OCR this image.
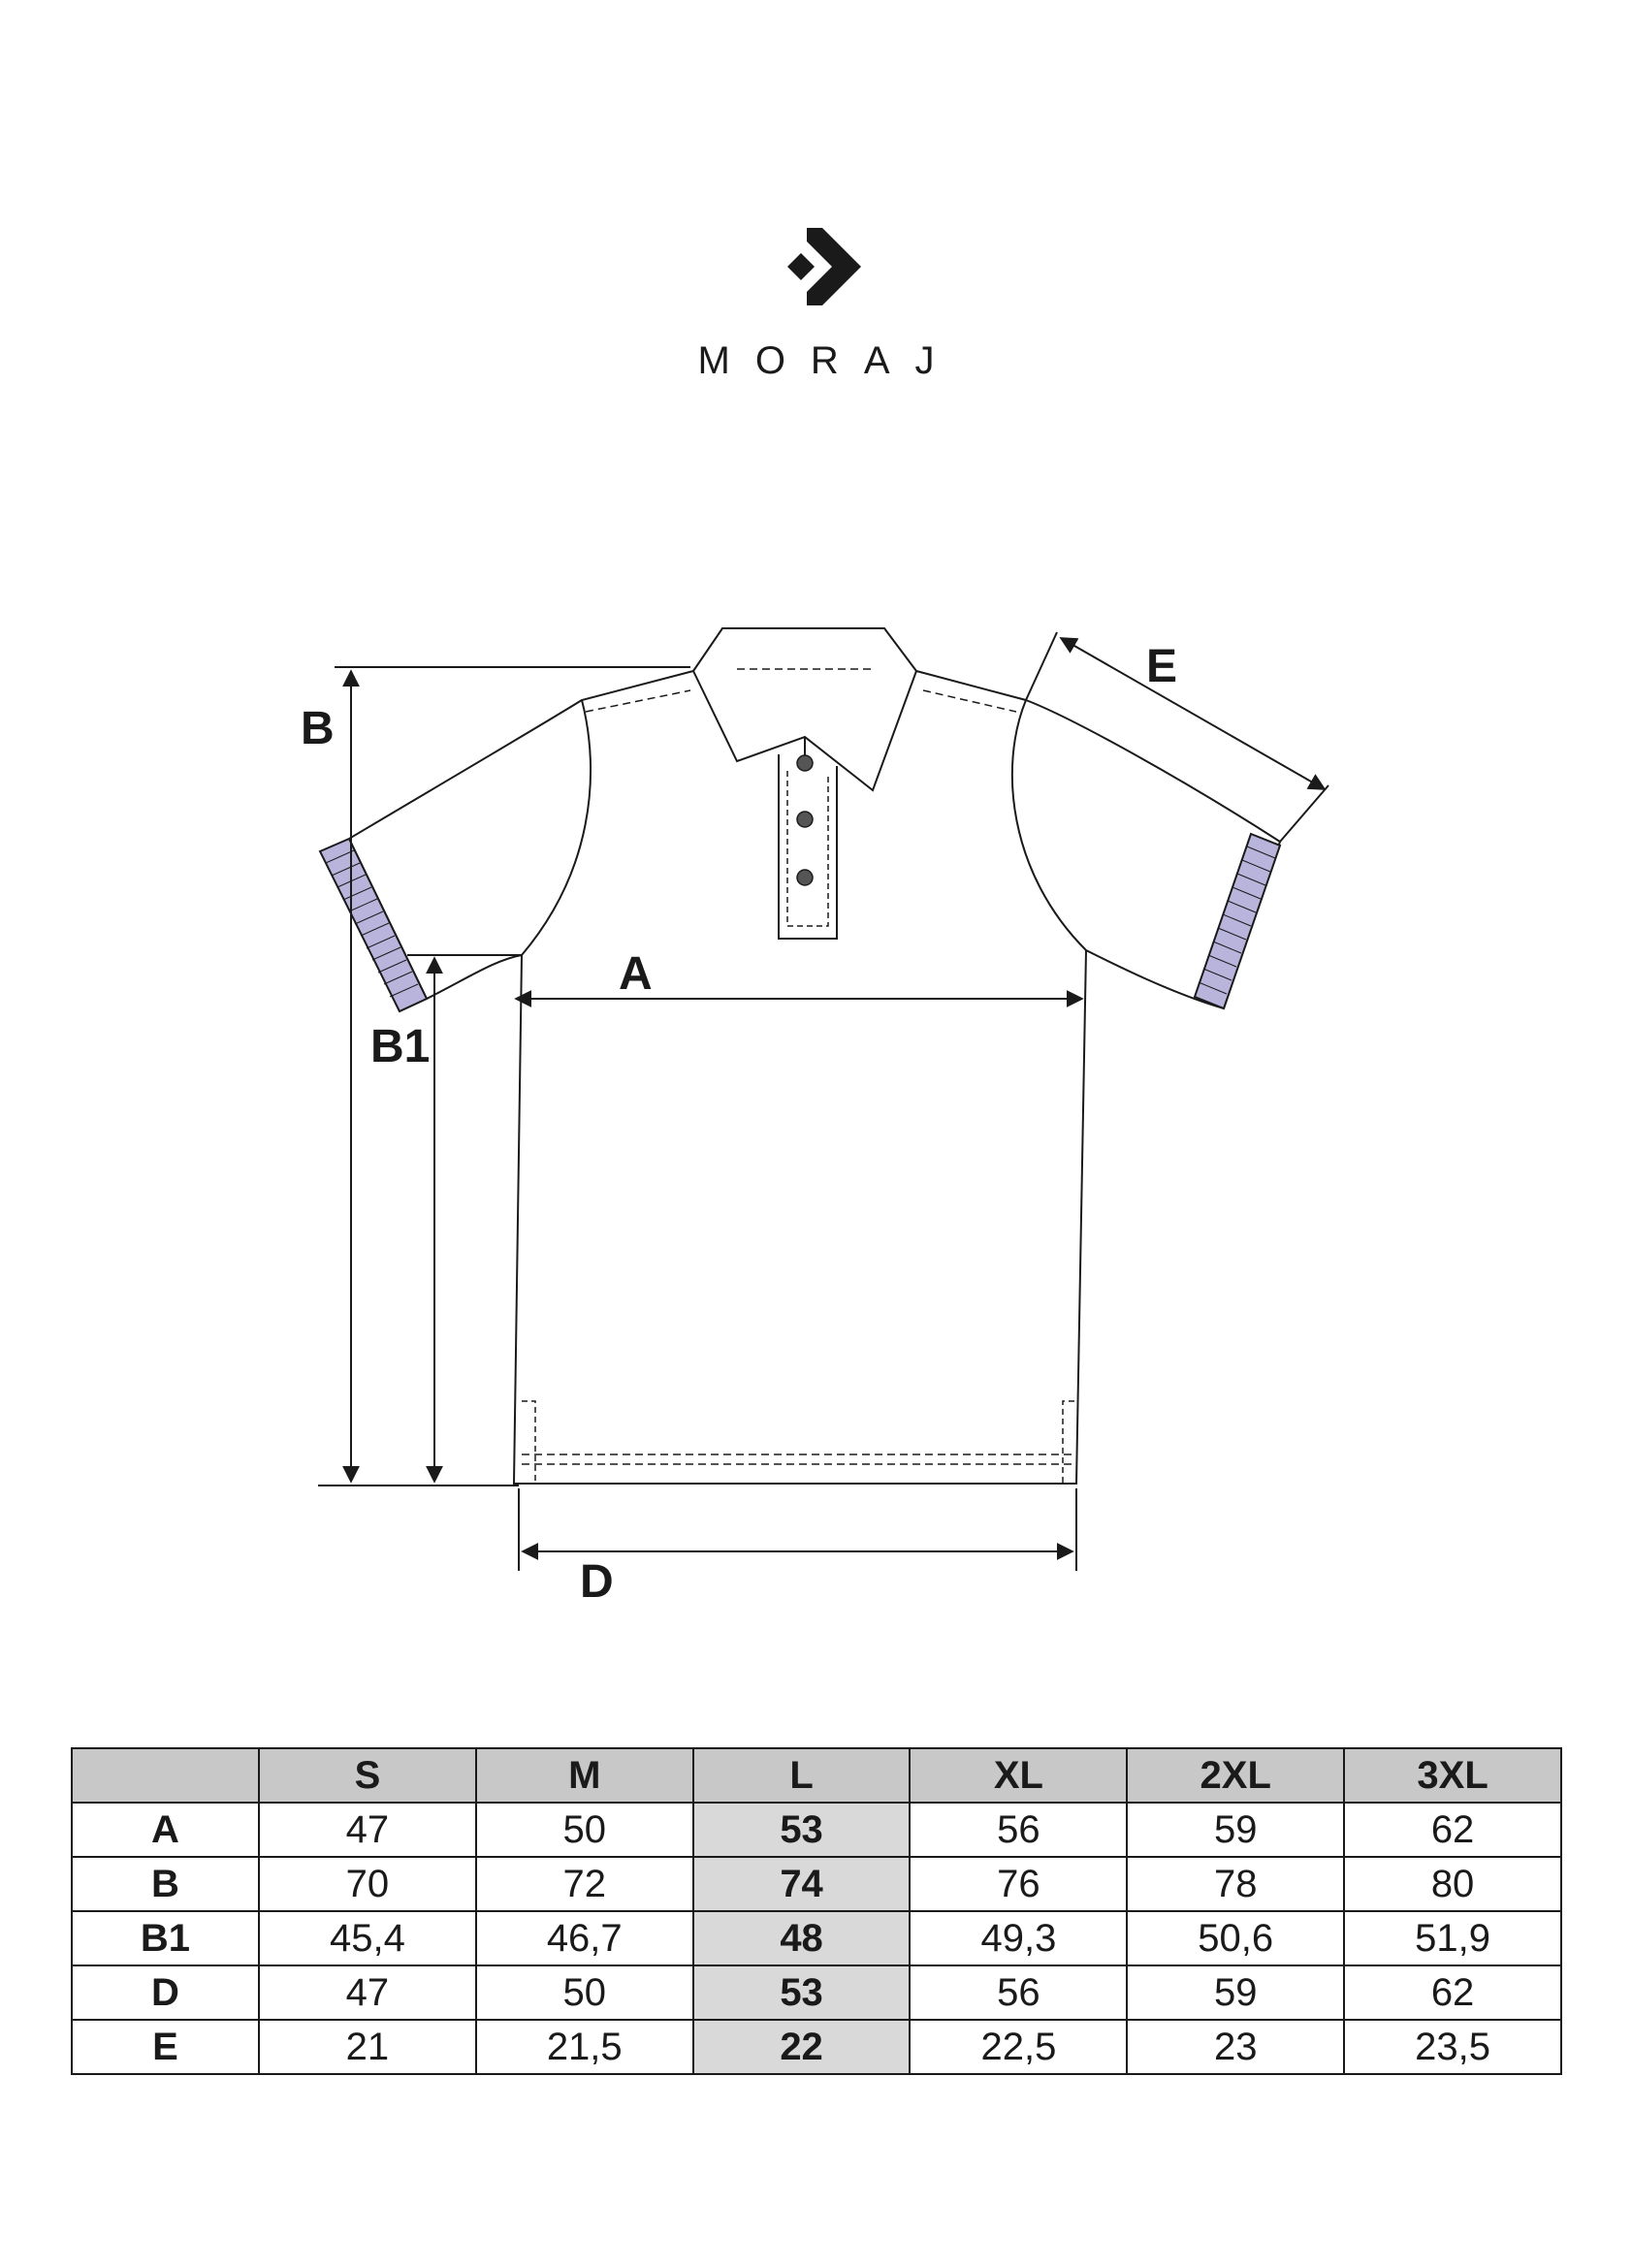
MORAJ
B
B1
A
D
E
	S	M	L	XL	2XL	3XL
A	47	50	53	56	59	62
B	70	72	74	76	78	80
B1	45,4	46,7	48	49,3	50,6	51,9
D	47	50	53	56	59	62
E	21	21,5	22	22,5	23	23,5
